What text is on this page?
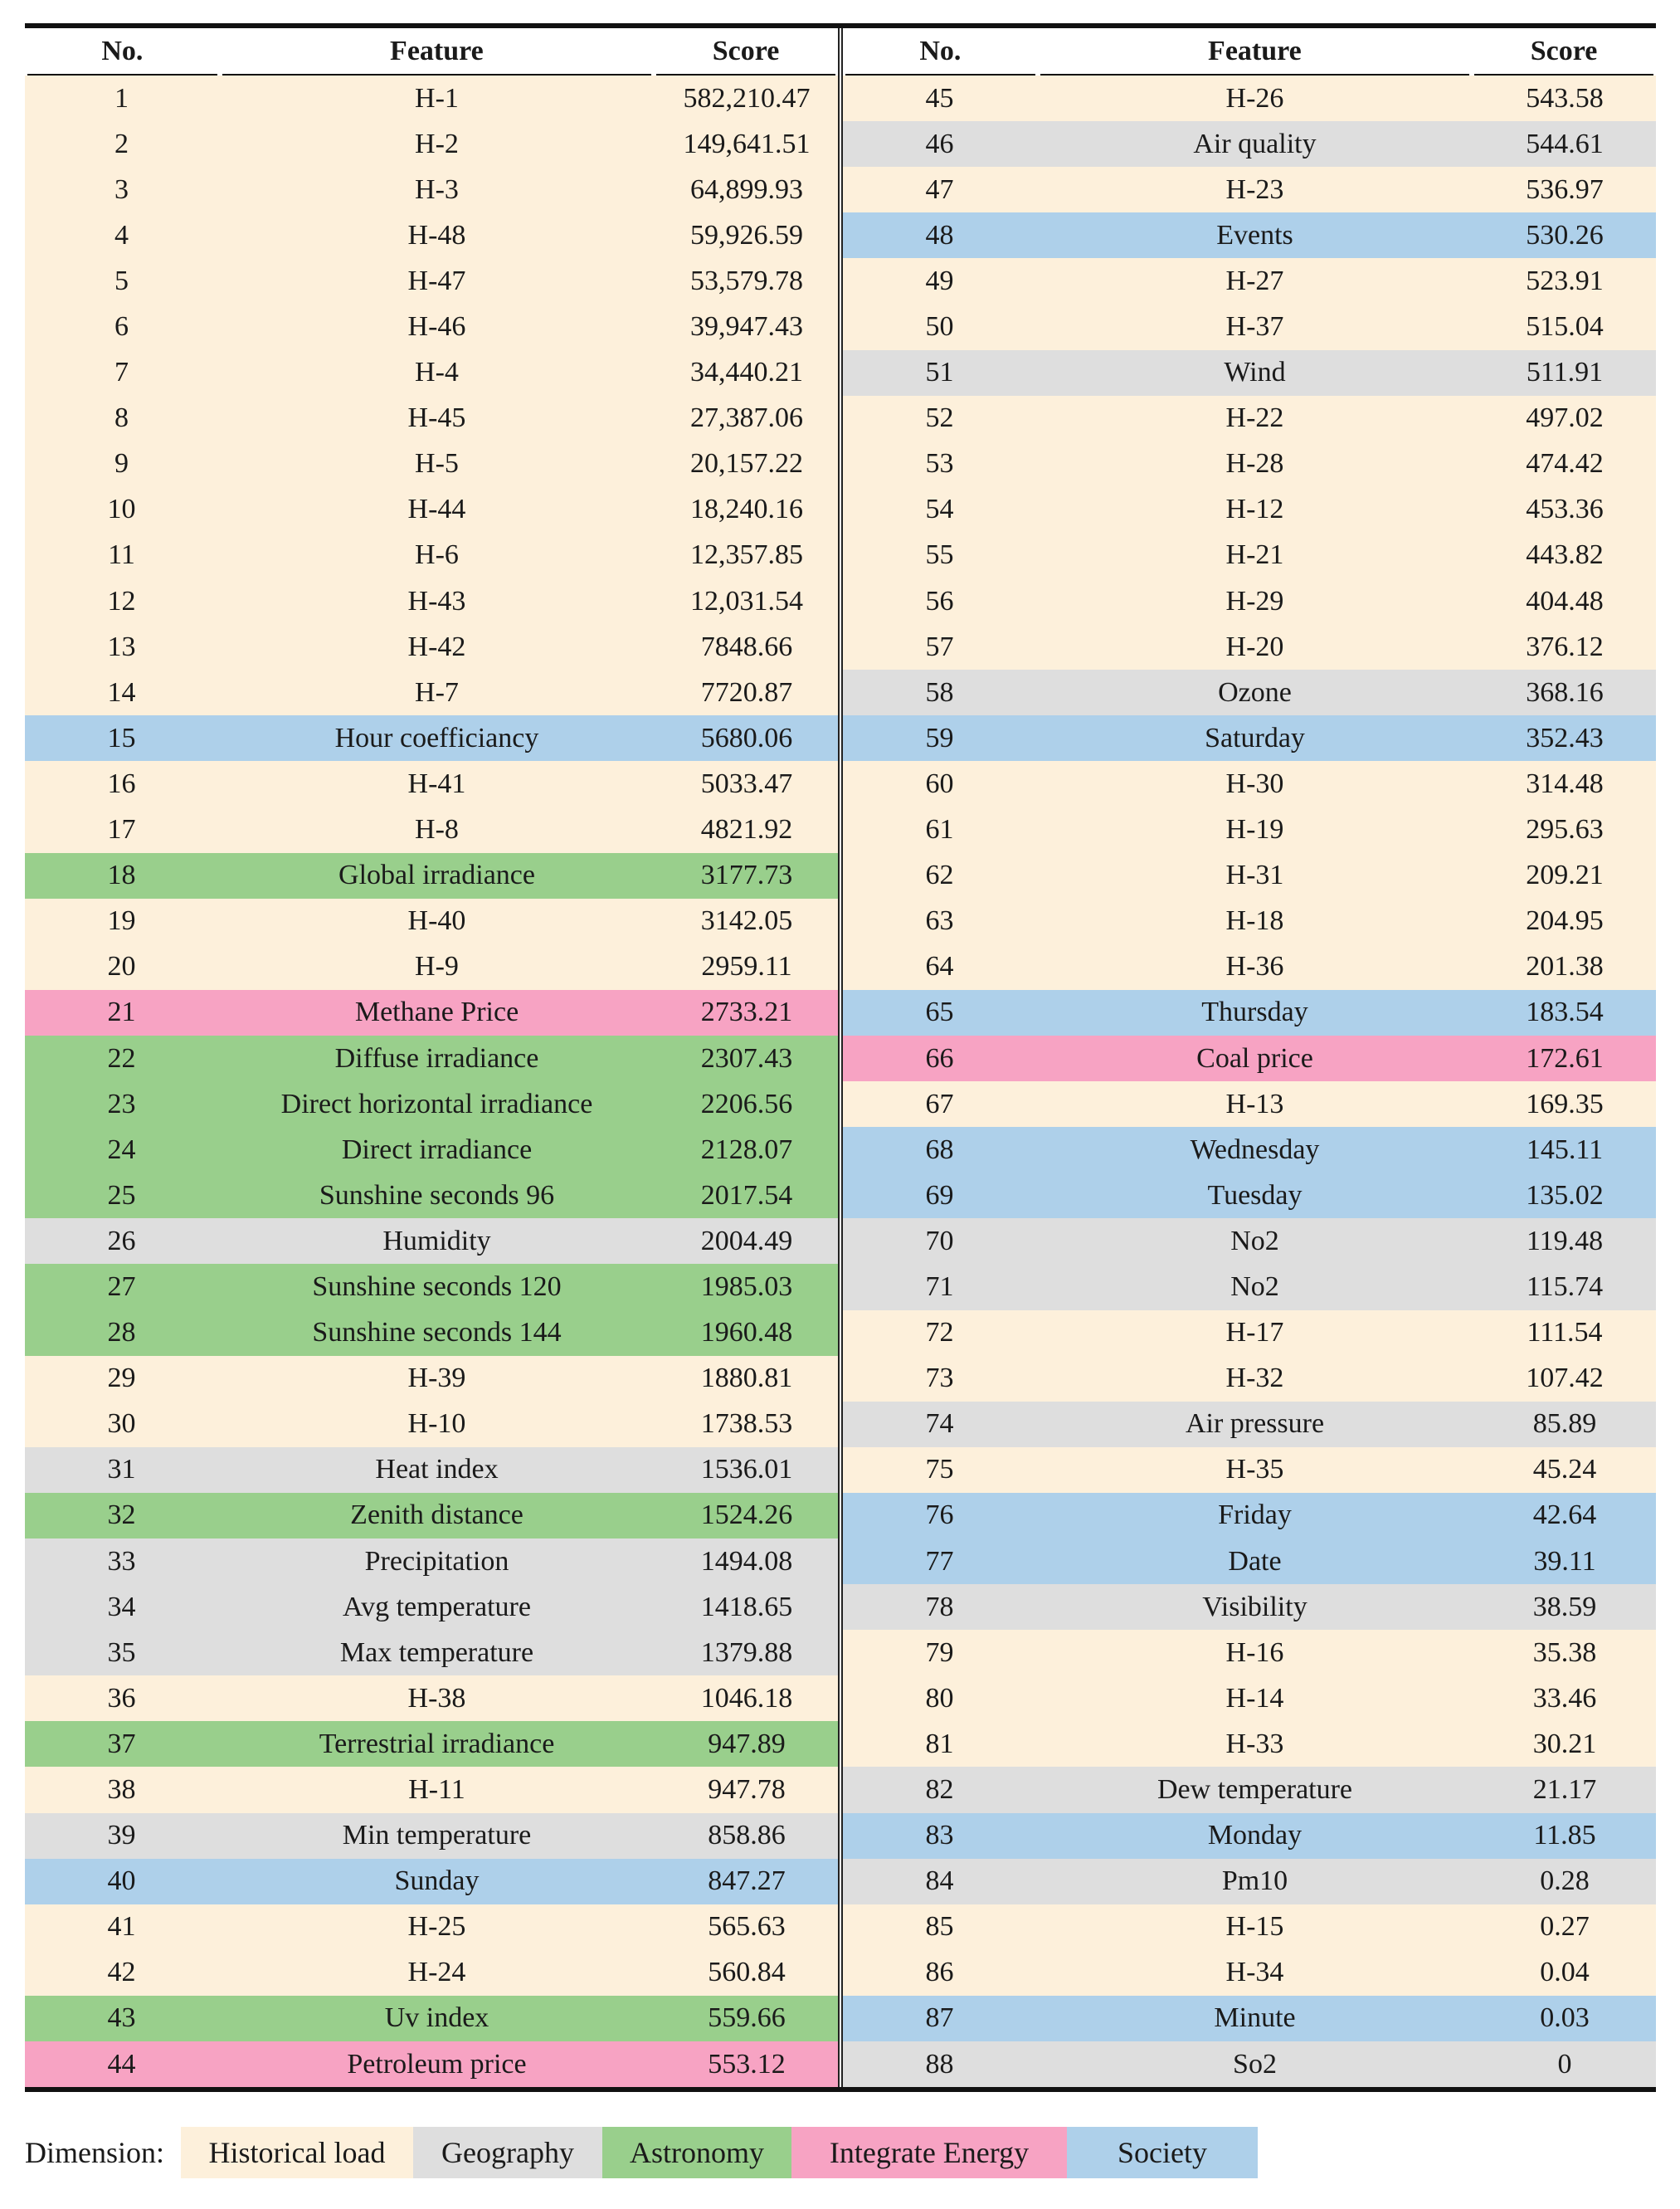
No.	Feature	Score	No.	Feature	Score
1	H-1	582,210.47	45	H-26	543.58
2	H-2	149,641.51	46	Air quality	544.61
3	H-3	64,899.93	47	H-23	536.97
4	H-48	59,926.59	48	Events	530.26
5	H-47	53,579.78	49	H-27	523.91
6	H-46	39,947.43	50	H-37	515.04
7	H-4	34,440.21	51	Wind	511.91
8	H-45	27,387.06	52	H-22	497.02
9	H-5	20,157.22	53	H-28	474.42
10	H-44	18,240.16	54	H-12	453.36
11	H-6	12,357.85	55	H-21	443.82
12	H-43	12,031.54	56	H-29	404.48
13	H-42	7848.66	57	H-20	376.12
14	H-7	7720.87	58	Ozone	368.16
15	Hour coefficiancy	5680.06	59	Saturday	352.43
16	H-41	5033.47	60	H-30	314.48
17	H-8	4821.92	61	H-19	295.63
18	Global irradiance	3177.73	62	H-31	209.21
19	H-40	3142.05	63	H-18	204.95
20	H-9	2959.11	64	H-36	201.38
21	Methane Price	2733.21	65	Thursday	183.54
22	Diffuse irradiance	2307.43	66	Coal price	172.61
23	Direct horizontal irradiance	2206.56	67	H-13	169.35
24	Direct irradiance	2128.07	68	Wednesday	145.11
25	Sunshine seconds 96	2017.54	69	Tuesday	135.02
26	Humidity	2004.49	70	No2	119.48
27	Sunshine seconds 120	1985.03	71	No2	115.74
28	Sunshine seconds 144	1960.48	72	H-17	111.54
29	H-39	1880.81	73	H-32	107.42
30	H-10	1738.53	74	Air pressure	85.89
31	Heat index	1536.01	75	H-35	45.24
32	Zenith distance	1524.26	76	Friday	42.64
33	Precipitation	1494.08	77	Date	39.11
34	Avg temperature	1418.65	78	Visibility	38.59
35	Max temperature	1379.88	79	H-16	35.38
36	H-38	1046.18	80	H-14	33.46
37	Terrestrial irradiance	947.89	81	H-33	30.21
38	H-11	947.78	82	Dew temperature	21.17
39	Min temperature	858.86	83	Monday	11.85
40	Sunday	847.27	84	Pm10	0.28
41	H-25	565.63	85	H-15	0.27
42	H-24	560.84	86	H-34	0.04
43	Uv index	559.66	87	Minute	0.03
44	Petroleum price	553.12	88	So2	0
Dimension:	Historical load	Geography	Astronomy	Integrate Energy	Society
